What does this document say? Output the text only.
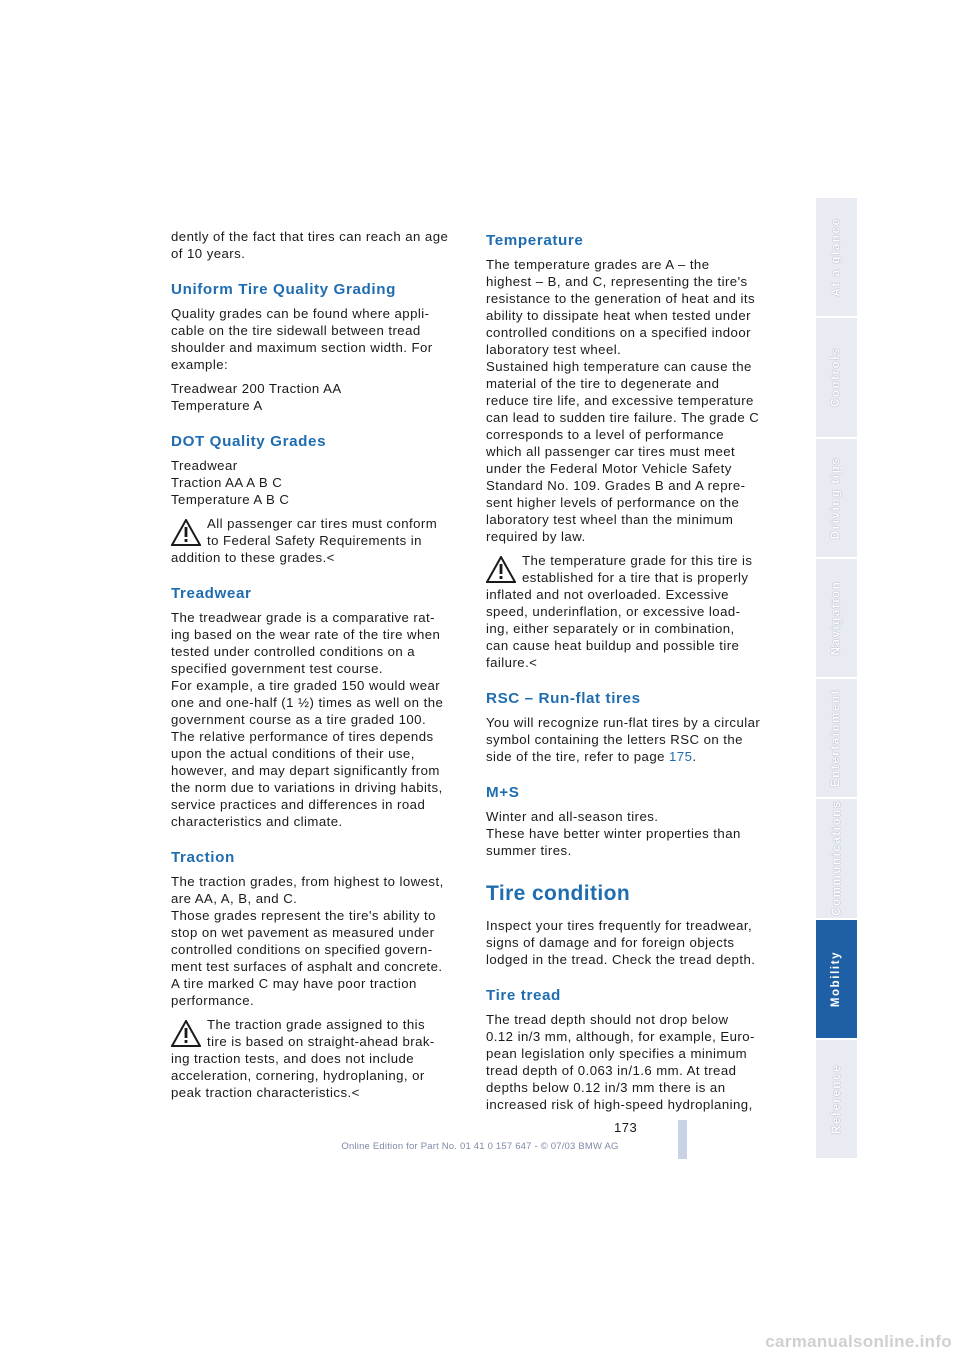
dently of the fact that tires can reach an age of 10 years.

Uniform Tire Quality Grading

Quality grades can be found where appli-
cable on the tire sidewall between tread
shoulder and maximum section width. For
example:

Treadwear 200 Traction AA
Temperature A

DOT Quality Grades

Treadwear
Traction AA A B C
Temperature A B C

All passenger car tires must conform
to Federal Safety Requirements in

addition to these grades.<

Treadwear

The treadwear grade is a comparative rat-
ing based on the wear rate of the tire when
tested under controlled conditions on a
specified government test course.
For example, a tire graded 150 would wear
one and one-half (1 ½) times as well on the
government course as a tire graded 100.
The relative performance of tires depends
upon the actual conditions of their use,
however, and may depart significantly from
the norm due to variations in driving habits,
service practices and differences in road
characteristics and climate.

Traction

The traction grades, from highest to lowest,
are AA, A, B, and C.
Those grades represent the tire's ability to
stop on wet pavement as measured under
controlled conditions on specified govern-
ment test surfaces of asphalt and concrete.
A tire marked C may have poor traction
performance.

The traction grade assigned to this
tire is based on straight-ahead brak-

ing traction tests, and does not include
acceleration, cornering, hydroplaning, or
peak traction characteristics.<

Temperature

The temperature grades are A – the
highest – B, and C, representing the tire's
resistance to the generation of heat and its
ability to dissipate heat when tested under
controlled conditions on a specified indoor
laboratory test wheel.
Sustained high temperature can cause the
material of the tire to degenerate and
reduce tire life, and excessive temperature
can lead to sudden tire failure. The grade C
corresponds to a level of performance
which all passenger car tires must meet
under the Federal Motor Vehicle Safety
Standard No. 109. Grades B and A repre-
sent higher levels of performance on the
laboratory test wheel than the minimum
required by law.

The temperature grade for this tire is
established for a tire that is properly

inflated and not overloaded. Excessive
speed, underinflation, or excessive load-
ing, either separately or in combination,
can cause heat buildup and possible tire
failure.<

RSC – Run-flat tires

You will recognize run-flat tires by a circular
symbol containing the letters RSC on the
side of the tire, refer to page 175.

M+S

Winter and all-season tires.
These have better winter properties than
summer tires.

Tire condition

Inspect your tires frequently for treadwear,
signs of damage and for foreign objects
lodged in the tread. Check the tread depth.

Tire tread

The tread depth should not drop below
0.12 in/3 mm, although, for example, Euro-
pean legislation only specifies a minimum
tread depth of 0.063 in/1.6 mm. At tread
depths below 0.12 in/3 mm there is an
increased risk of high-speed hydroplaning,

At a glance
Controls
Driving tips
Navigation
Entertainment
Communications
Mobility
Reference
173
Online Edition for Part No. 01 41 0 157 647 - © 07/03 BMW AG
carmanualsonline.info
